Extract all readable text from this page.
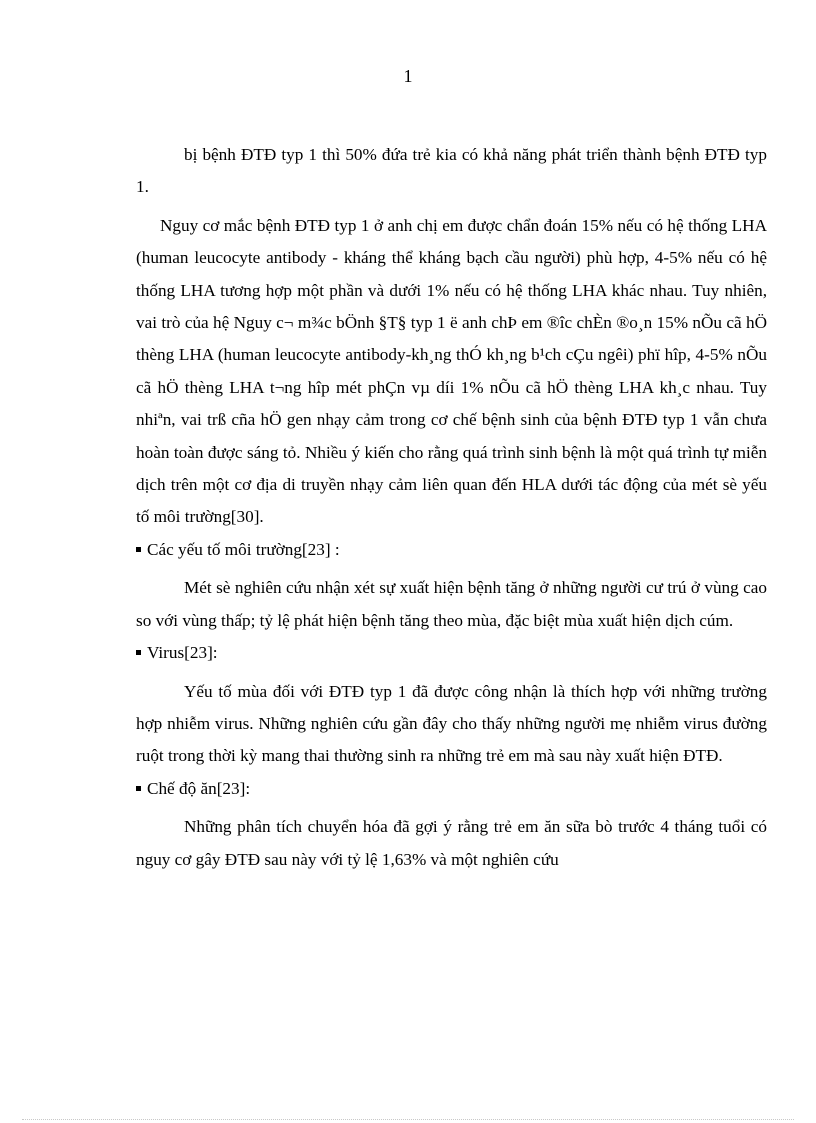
1

bị bệnh ĐTĐ typ 1 thì 50% đứa trẻ kia có khả năng phát triển thành bệnh ĐTĐ typ 1.

Nguy cơ mắc bệnh ĐTĐ typ 1 ở anh chị em được chẩn đoán 15% nếu có hệ thống LHA (human leucocyte antibody - kháng thể kháng bạch cầu người) phù hợp, 4-5% nếu có hệ thống LHA tương hợp một phần và dưới 1% nếu có hệ thống LHA khác nhau. Tuy nhiên, vai trò của hệ Nguy c¬ m¾c bÖnh §T§ typ 1 ë anh chÞ em ®îc chÈn ®o¸n 15% nÕu cã hÖ thèng LHA (human leucocyte antibody-kh¸ng thÓ kh¸ng b¹ch cÇu ngêi) phï hîp, 4-5% nÕu cã hÖ thèng LHA t¬ng hîp mét phÇn vµ díi 1% nÕu cã hÖ thèng LHA kh¸c nhau. Tuy nhiªn, vai trß cña hÖ gen nhạy cảm trong cơ chế bệnh sinh của bệnh ĐTĐ typ 1 vẫn chưa hoàn toàn được sáng tỏ. Nhiều ý kiến cho rằng quá trình sinh bệnh là một quá trình tự miễn dịch trên một cơ địa di truyền nhạy cảm liên quan đến HLA dưới tác động của mét sè yếu tố môi trường[30].

Các yếu tố môi trường[23] :

Mét sè nghiên cứu nhận xét sự xuất hiện bệnh tăng ở những người cư trú ở vùng cao so với vùng thấp; tỷ lệ phát hiện bệnh tăng theo mùa, đặc biệt mùa xuất hiện dịch cúm.

Virus[23]:

Yếu tố mùa đối với ĐTĐ typ 1 đã được công nhận là thích hợp với những trường hợp nhiễm virus. Những nghiên cứu gần đây cho thấy những người mẹ nhiễm virus đường ruột trong thời kỳ mang thai thường sinh ra những trẻ em mà sau này xuất hiện ĐTĐ.

Chế độ ăn[23]:

Những phân tích chuyển hóa đã gợi ý rằng trẻ em ăn sữa bò trước 4 tháng tuổi có nguy cơ gây ĐTĐ sau này với tỷ lệ 1,63% và một nghiên cứu
